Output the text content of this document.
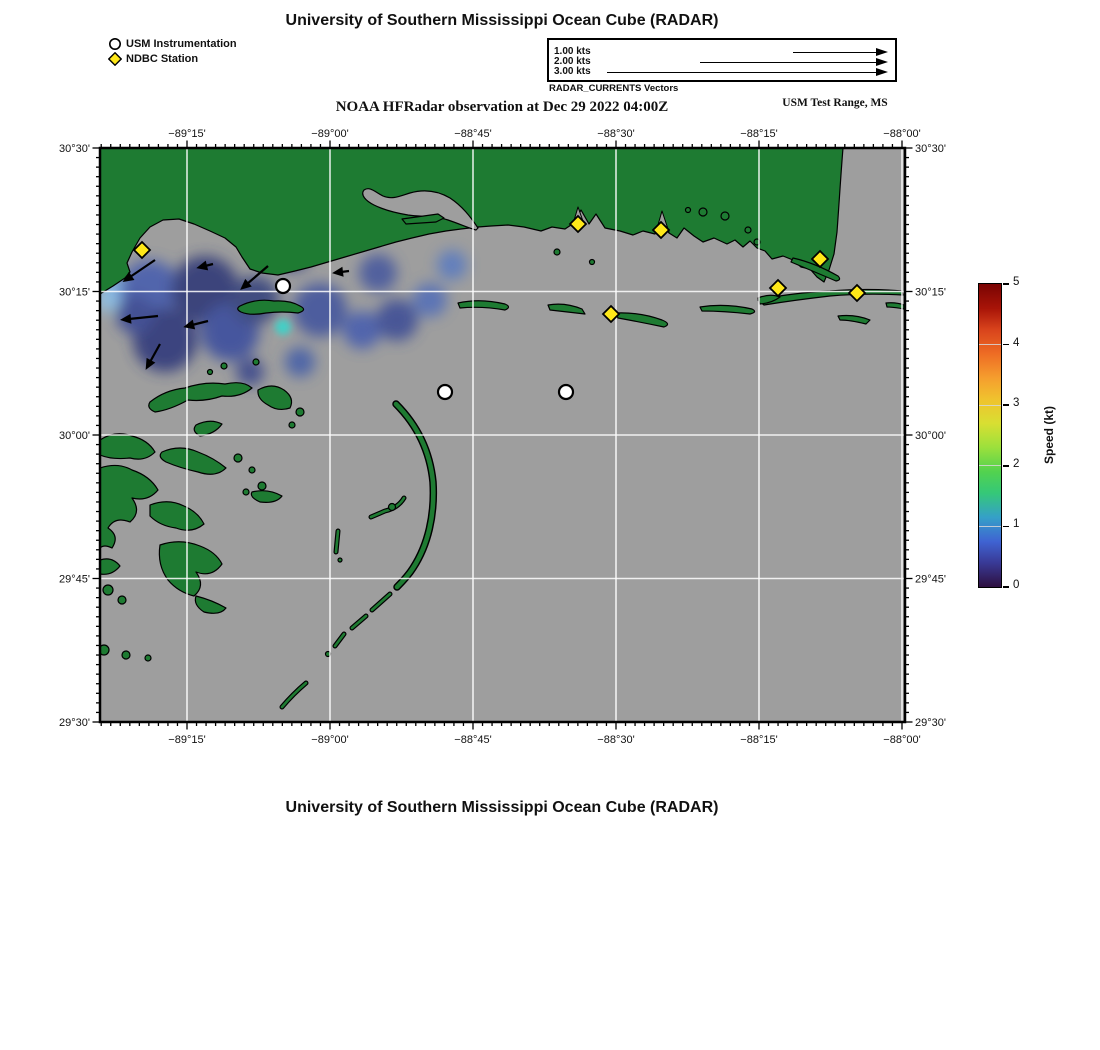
University of Southern Mississippi Ocean Cube (RADAR)
USM Instrumentation
NDBC Station
1.00 kts
2.00 kts
3.00 kts
RADAR_CURRENTS Vectors
NOAA HFRadar observation at Dec 29 2022 04:00Z	USM Test Range, MS
−89°15'
−89°15'
−89°00'
−89°00'
−88°45'
−88°45'
−88°30'
−88°30'
−88°15'
−88°15'
−88°00'
−88°00'
30°30'	30°30'
30°15'	30°15'
30°00'	30°00'
29°45'	29°45'
29°30'	29°30'
0
1
2
3
4
5
Speed (kt)
University of Southern Mississippi Ocean Cube (RADAR)
